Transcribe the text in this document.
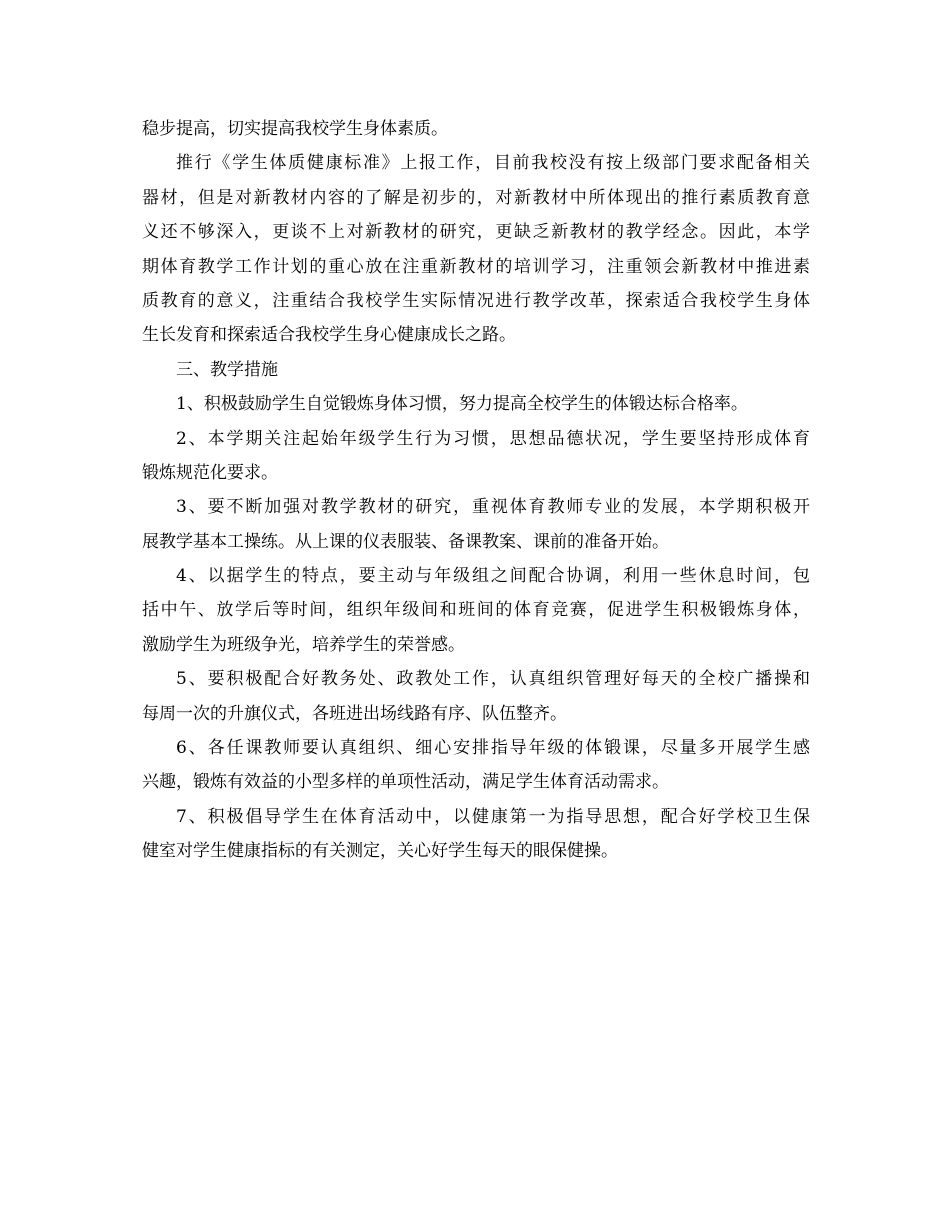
稳步提高，切实提高我校学生身体素质。
推行《学生体质健康标准》上报工作，目前我校没有按上级部门要求配备相关
器材，但是对新教材内容的了解是初步的，对新教材中所体现出的推行素质教育意
义还不够深入，更谈不上对新教材的研究，更缺乏新教材的教学经念。因此，本学
期体育教学工作计划的重心放在注重新教材的培训学习，注重领会新教材中推进素
质教育的意义，注重结合我校学生实际情况进行教学改革，探索适合我校学生身体
生长发育和探索适合我校学生身心健康成长之路。
三、教学措施
1、积极鼓励学生自觉锻炼身体习惯，努力提高全校学生的体锻达标合格率。
2、本学期关注起始年级学生行为习惯，思想品德状况，学生要坚持形成体育
锻炼规范化要求。
3、要不断加强对教学教材的研究，重视体育教师专业的发展，本学期积极开
展教学基本工操练。从上课的仪表服装、备课教案、课前的准备开始。
4、以据学生的特点，要主动与年级组之间配合协调，利用一些休息时间，包
括中午、放学后等时间，组织年级间和班间的体育竞赛，促进学生积极锻炼身体，
激励学生为班级争光，培养学生的荣誉感。
5、要积极配合好教务处、政教处工作，认真组织管理好每天的全校广播操和
每周一次的升旗仪式，各班进出场线路有序、队伍整齐。
6、各任课教师要认真组织、细心安排指导年级的体锻课，尽量多开展学生感
兴趣，锻炼有效益的小型多样的单项性活动，满足学生体育活动需求。
7、积极倡导学生在体育活动中，以健康第一为指导思想，配合好学校卫生保
健室对学生健康指标的有关测定，关心好学生每天的眼保健操。
